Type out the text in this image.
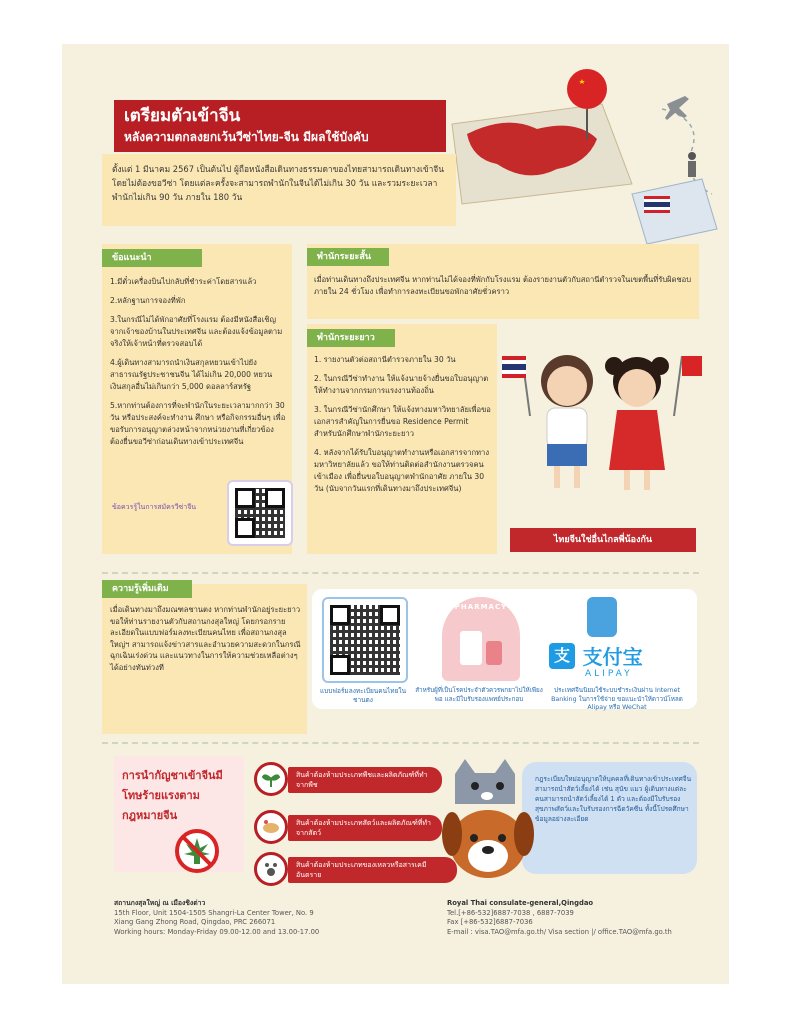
เตรียมตัวเข้าจีน
หลังความตกลงยกเว้นวีซ่าไทย-จีน มีผลใช้บังคับ
ตั้งแต่ 1 มีนาคม 2567 เป็นต้นไป ผู้ถือหนังสือเดินทางธรรมดาของไทยสามารถเดินทางเข้าจีนโดยไม่ต้องขอวีซ่า โดยแต่ละครั้งจะสามารถพำนักในจีนได้ไม่เกิน 30 วัน และรวมระยะเวลาพำนักไม่เกิน 90 วัน ภายใน 180 วัน
ข้อแนะนำ

1.มีตั๋วเครื่องบินไปกลับที่ชำระค่าโดยสารแล้ว

2.หลักฐานการจองที่พัก

3.ในกรณีไม่ได้พักอาศัยที่โรงแรม ต้องมีหนังสือเชิญจากเจ้าของบ้านในประเทศจีน และต้องแจ้งข้อมูลตามจริงให้เจ้าหน้าที่ตรวจสอบได้

4.ผู้เดินทางสามารถนำเงินสกุลหยวนเข้าไปยังสาธารณรัฐประชาชนจีน ได้ไม่เกิน 20,000 หยวน เงินสกุลอื่นไม่เกินกว่า 5,000 ดอลลาร์สหรัฐ

5.หากท่านต้องการที่จะพำนักในระยะเวลามากกว่า 30 วัน หรือประสงค์จะทำงาน ศึกษา หรือกิจกรรมอื่นๆ เพื่อขอรับการอนุญาตล่วงหน้าจากหน่วยงานที่เกี่ยวข้อง ต้องยื่นขอวีซ่าก่อนเดินทางเข้าประเทศจีน

ข้อควรรู้ในการสมัครวีซ่าจีน
พำนักระยะสั้น
เมื่อท่านเดินทางถึงประเทศจีน หากท่านไม่ได้จองที่พักกับโรงแรม ต้องรายงานตัวกับสถานีตำรวจในเขตพื้นที่รับผิดชอบภายใน 24 ชั่วโมง เพื่อทำการลงทะเบียนขอพักอาศัยชั่วคราว
พำนักระยะยาว

1. รายงานตัวต่อสถานีตำรวจภายใน 30 วัน

2. ในกรณีวีซ่าทำงาน ให้แจ้งนายจ้างยื่นขอใบอนุญาตให้ทำงานจากกรมการแรงงานท้องถิ่น

3. ในกรณีวีซ่านักศึกษา ให้แจ้งทางมหาวิทยาลัยเพื่อขอเอกสารสำคัญในการยื่นขอ Residence Permit สำหรับนักศึกษาพำนักระยะยาว

4. หลังจากได้รับใบอนุญาตทำงานหรือเอกสารจากทางมหาวิทยาลัยแล้ว ขอให้ท่านติดต่อสำนักงานตรวจคนเข้าเมือง เพื่อยื่นขอใบอนุญาตพำนักอาศัย ภายใน 30 วัน (นับจากวันแรกที่เดินทางมาถึงประเทศจีน)

ไทยจีนใช่อื่นไกลพี่น้องกัน
ความรู้เพิ่มเติม
เมื่อเดินทางมาถึงมณฑลชานตง หากท่านพำนักอยู่ระยะยาว ขอให้ท่านรายงานตัวกับสถานกงสุลใหญ่ โดยกรอกรายละเอียดในแบบฟอร์มลงทะเบียนคนไทย เพื่อสถานกงสุลใหญ่ฯ สามารถแจ้งข่าวสารและอำนวยความสะดวกในกรณีฉุกเฉินเร่งด่วน และแนวทางในการให้ความช่วยเหลือต่างๆ ได้อย่างทันท่วงที
แบบฟอร์มลงทะเบียนคนไทยในชานตง
PHARMACY
สำหรับผู้ที่เป็นโรคประจำตัวควรพกยาไปให้เพียงพอ และมีใบรับรองแพทย์ประกอบ
支 支付宝
ALIPAY
ประเทศจีนนิยมใช้ระบบชำระเงินผ่าน Internet Banking ในการใช้จ่าย ขอแนะนำให้ดาวน์โหลด Alipay หรือ WeChat
การนำกัญชาเข้าจีนมีโทษร้ายแรงตามกฎหมายจีน
สินค้าต้องห้ามประเภทพืชและผลิตภัณฑ์ที่ทำจากพืช
สินค้าต้องห้ามประเภทสัตว์และผลิตภัณฑ์ที่ทำจากสัตว์
สินค้าต้องห้ามประเภทของเหลวหรือสารเคมีอันตราย
กฎระเบียบใหม่อนุญาตให้บุคคลที่เดินทางเข้าประเทศจีนสามารถนำสัตว์เลี้ยงได้ เช่น สุนัข แมว ผู้เดินทางแต่ละคนสามารถนำสัตว์เลี้ยงได้ 1 ตัว และต้องมีใบรับรองสุขภาพสัตว์และใบรับรองการฉีดวัคซีน ทั้งนี้โปรดศึกษาข้อมูลอย่างละเอียด
สถานกงสุลใหญ่ ณ เมืองชิงต่าว
15th Floor, Unit 1504-1505 Shangri-La Center Tower, No. 9
Xiang Gang Zhong Road, Qingdao, PRC 266071
Working hours: Monday-Friday 09.00-12.00 and 13.00-17.00
Royal Thai consulate-general,Qingdao
Tel.[+86-532]6887-7038 , 6887-7039
Fax [+86-532]6887-7036
E-mail : visa.TAO@mfa.go.th/ Visa section |/ office.TAO@mfa.go.th
